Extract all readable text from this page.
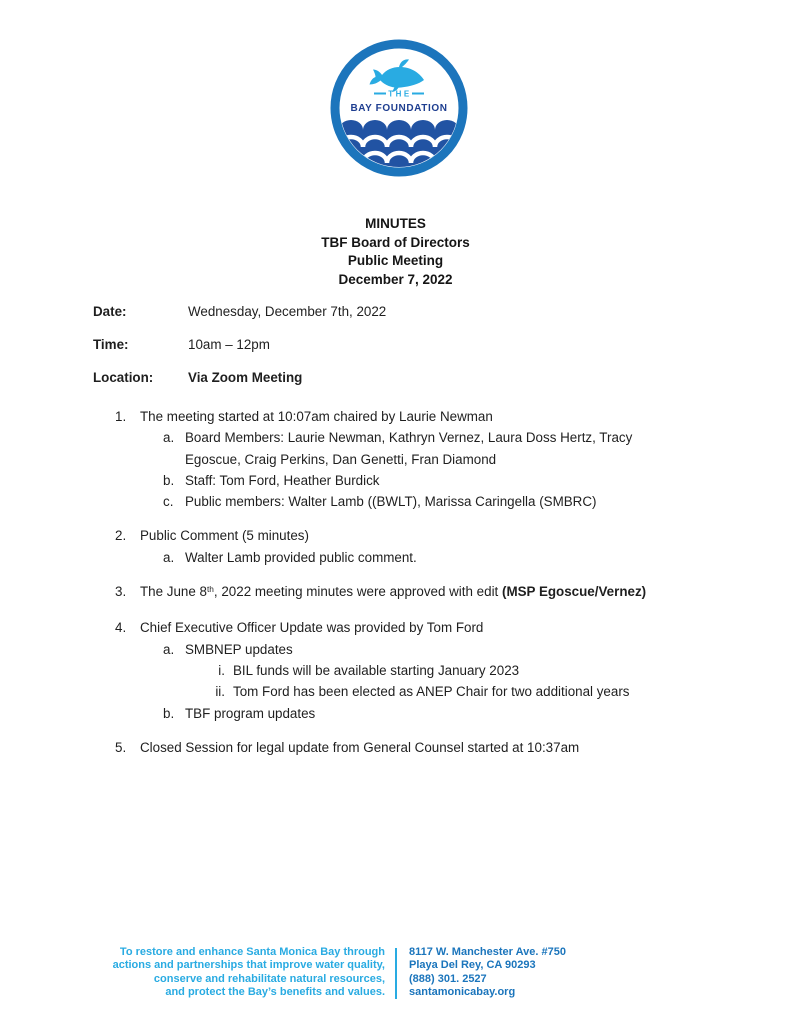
THE
BAY FOUNDATION
MINUTES
TBF Board of Directors
Public Meeting
December 7, 2022
Date:	Wednesday, December 7th, 2022
Time:	10am – 12pm
Location:	Via Zoom Meeting
1.	The meeting started at 10:07am chaired by Laurie Newman
a. Board Members: Laurie Newman, Kathryn Vernez, Laura Doss Hertz, Tracy Egoscue, Craig Perkins, Dan Genetti, Fran Diamond
b. Staff: Tom Ford, Heather Burdick
c. Public members: Walter Lamb ((BWLT), Marissa Caringella (SMBRC)
2.	Public Comment (5 minutes)
a. Walter Lamb provided public comment.
3.	The June 8th, 2022 meeting minutes were approved with edit (MSP Egoscue/Vernez)
4.	Chief Executive Officer Update was provided by Tom Ford
a. SMBNEP updates
i. BIL funds will be available starting January 2023
ii. Tom Ford has been elected as ANEP Chair for two additional years
b. TBF program updates
5.	Closed Session for legal update from General Counsel started at 10:37am
To restore and enhance Santa Monica Bay through
actions and partnerships that improve water quality,
conserve and rehabilitate natural resources,
and protect the Bay’s benefits and values.
8117 W. Manchester Ave. #750
Playa Del Rey, CA 90293
(888) 301. 2527
santamonicabay.org
